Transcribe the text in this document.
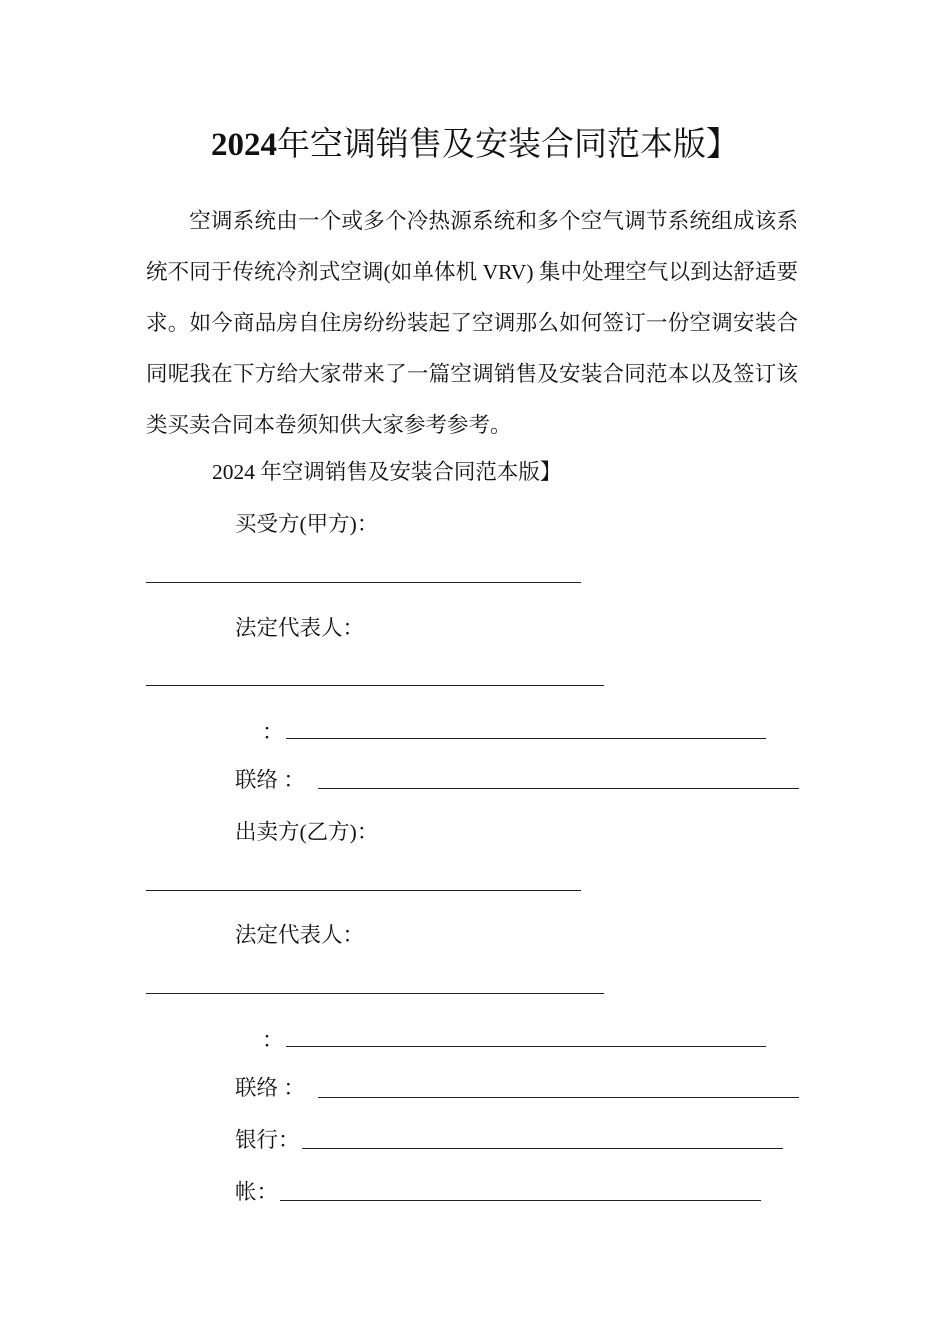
2024年空调销售及安装合同范本版】

空调系统由一个或多个冷热源系统和多个空气调节系统组成该系统不同于传统冷剂式空调(如单体机 VRV) 集中处理空气以到达舒适要求。如今商品房自住房纷纷装起了空调那么如何签订一份空调安装合同呢我在下方给大家带来了一篇空调销售及安装合同范本以及签订该类买卖合同本卷须知供大家参考参考。

2024 年空调销售及安装合同范本版】
买受方(甲方)：
法定代表人：
：
联络 ：
出卖方(乙方)：
法定代表人：
：
联络 ：
银行：
帐：
